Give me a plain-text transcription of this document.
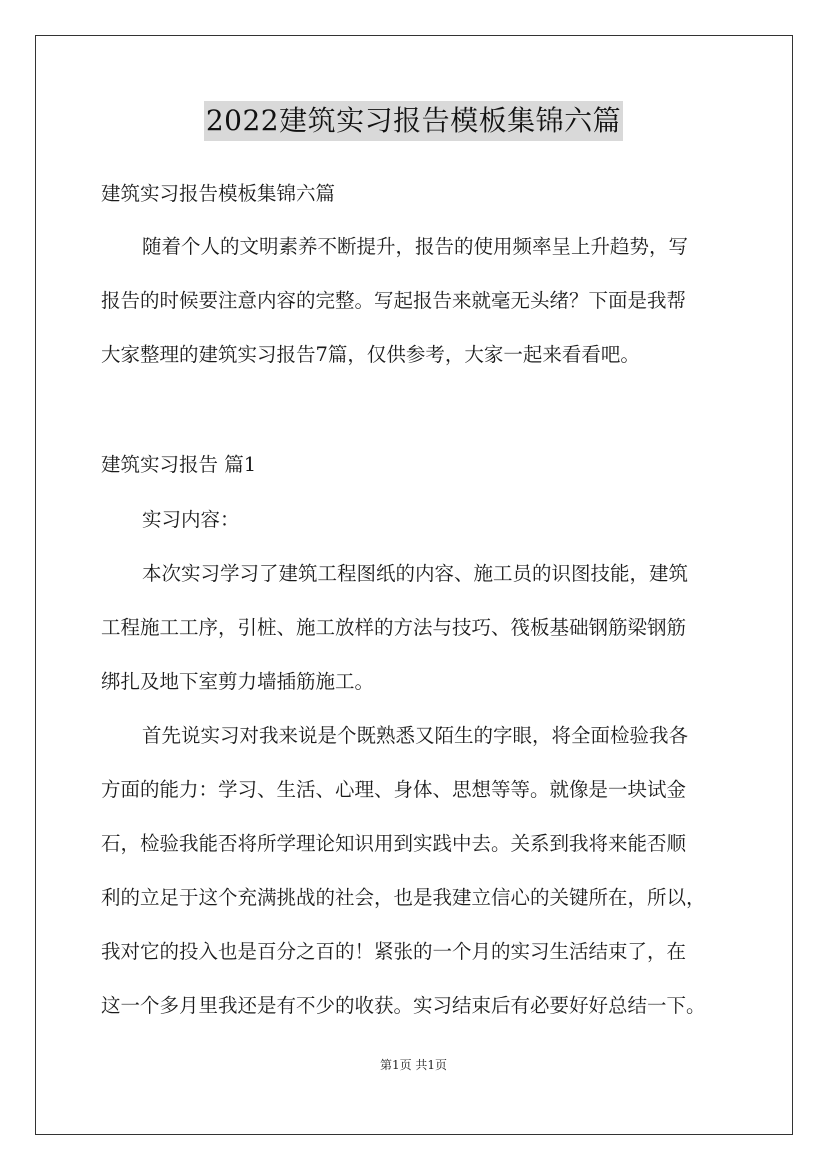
2022建筑实习报告模板集锦六篇
建筑实习报告模板集锦六篇
随着个人的文明素养不断提升，报告的使用频率呈上升趋势，写
报告的时候要注意内容的完整。写起报告来就毫无头绪？下面是我帮
大家整理的建筑实习报告7篇，仅供参考，大家一起来看看吧。
建筑实习报告 篇1
实习内容：
本次实习学习了建筑工程图纸的内容、施工员的识图技能，建筑
工程施工工序，引桩、施工放样的方法与技巧、筏板基础钢筋梁钢筋
绑扎及地下室剪力墙插筋施工。
首先说实习对我来说是个既熟悉又陌生的字眼，将全面检验我各
方面的能力：学习、生活、心理、身体、思想等等。就像是一块试金
石，检验我能否将所学理论知识用到实践中去。关系到我将来能否顺
利的立足于这个充满挑战的社会，也是我建立信心的关键所在，所以，
我对它的投入也是百分之百的！紧张的一个月的实习生活结束了，在
这一个多月里我还是有不少的收获。实习结束后有必要好好总结一下。
第1页 共1页
